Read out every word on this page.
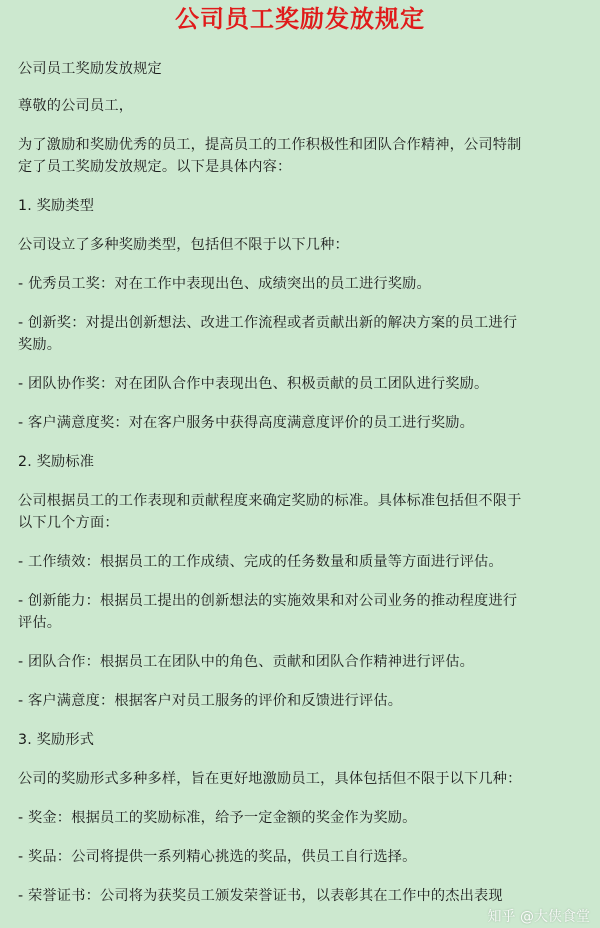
公司员工奖励发放规定
公司员工奖励发放规定
尊敬的公司员工，
为了激励和奖励优秀的员工，提高员工的工作积极性和团队合作精神，公司特制
定了员工奖励发放规定。以下是具体内容：
1. 奖励类型
公司设立了多种奖励类型，包括但不限于以下几种：
- 优秀员工奖：对在工作中表现出色、成绩突出的员工进行奖励。
- 创新奖：对提出创新想法、改进工作流程或者贡献出新的解决方案的员工进行
奖励。
- 团队协作奖：对在团队合作中表现出色、积极贡献的员工团队进行奖励。
- 客户满意度奖：对在客户服务中获得高度满意度评价的员工进行奖励。
2. 奖励标准
公司根据员工的工作表现和贡献程度来确定奖励的标准。具体标准包括但不限于
以下几个方面：
- 工作绩效：根据员工的工作成绩、完成的任务数量和质量等方面进行评估。
- 创新能力：根据员工提出的创新想法的实施效果和对公司业务的推动程度进行
评估。
- 团队合作：根据员工在团队中的角色、贡献和团队合作精神进行评估。
- 客户满意度：根据客户对员工服务的评价和反馈进行评估。
3. 奖励形式
公司的奖励形式多种多样，旨在更好地激励员工，具体包括但不限于以下几种：
- 奖金：根据员工的奖励标准，给予一定金额的奖金作为奖励。
- 奖品：公司将提供一系列精心挑选的奖品，供员工自行选择。
- 荣誉证书：公司将为获奖员工颁发荣誉证书，以表彰其在工作中的杰出表现
知乎 @大侠食堂
